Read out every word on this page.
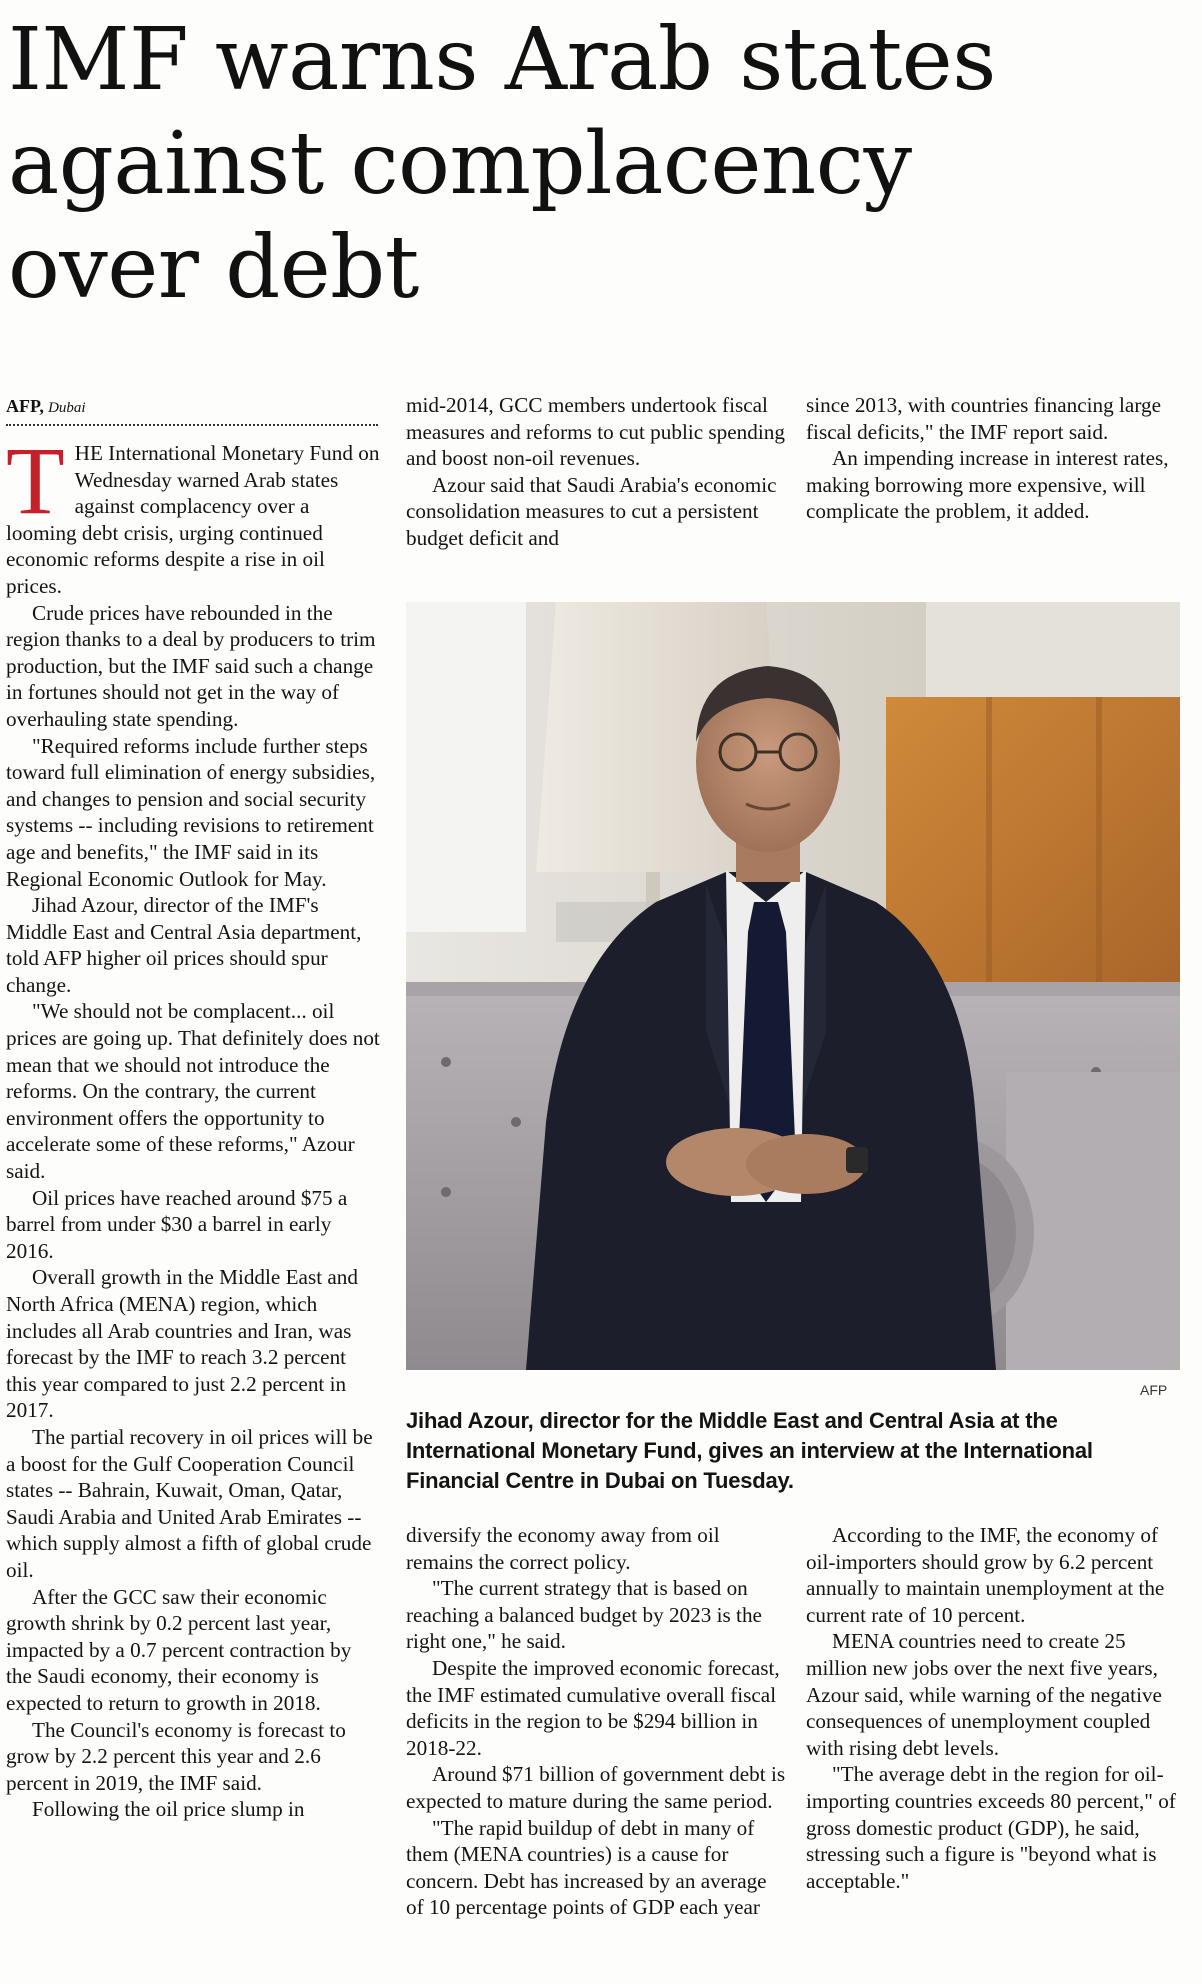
IMF warns Arab states
against complacency
over debt
AFP, Dubai

THE International Monetary Fund on Wednesday warned Arab states against complacency over a looming debt crisis, urging continued economic reforms despite a rise in oil prices.

Crude prices have rebounded in the region thanks to a deal by producers to trim production, but the IMF said such a change in fortunes should not get in the way of overhauling state spending.

"Required reforms include further steps toward full elimination of energy subsidies, and changes to pension and social security systems -- including revisions to retirement age and benefits," the IMF said in its Regional Economic Outlook for May.

Jihad Azour, director of the IMF's Middle East and Central Asia department, told AFP higher oil prices should spur change.

"We should not be complacent... oil prices are going up. That definitely does not mean that we should not introduce the reforms. On the contrary, the current environment offers the opportunity to accelerate some of these reforms," Azour said.

Oil prices have reached around $75 a barrel from under $30 a barrel in early 2016.

Overall growth in the Middle East and North Africa (MENA) region, which includes all Arab countries and Iran, was forecast by the IMF to reach 3.2 percent this year compared to just 2.2 percent in 2017.

The partial recovery in oil prices will be a boost for the Gulf Cooperation Council states -- Bahrain, Kuwait, Oman, Qatar, Saudi Arabia and United Arab Emirates -- which supply almost a fifth of global crude oil.

After the GCC saw their economic growth shrink by 0.2 percent last year, impacted by a 0.7 percent contraction by the Saudi economy, their economy is expected to return to growth in 2018.

The Council's economy is forecast to grow by 2.2 percent this year and 2.6 percent in 2019, the IMF said.

Following the oil price slump in

mid-2014, GCC members undertook fiscal measures and reforms to cut public spending and boost non-oil revenues.

Azour said that Saudi Arabia's economic consolidation measures to cut a persistent budget deficit and

since 2013, with countries financing large fiscal deficits," the IMF report said.

An impending increase in interest rates, making borrowing more expensive, will complicate the problem, it added.

AFP
Jihad Azour, director for the Middle East and Central Asia at the International Monetary Fund, gives an interview at the International Financial Centre in Dubai on Tuesday.

diversify the economy away from oil remains the correct policy.

"The current strategy that is based on reaching a balanced budget by 2023 is the right one," he said.

Despite the improved economic forecast, the IMF estimated cumulative overall fiscal deficits in the region to be $294 billion in 2018-22.

Around $71 billion of government debt is expected to mature during the same period.

"The rapid buildup of debt in many of them (MENA countries) is a cause for concern. Debt has increased by an average of 10 percentage points of GDP each year

According to the IMF, the economy of oil-importers should grow by 6.2 percent annually to maintain unemployment at the current rate of 10 percent.

MENA countries need to create 25 million new jobs over the next five years, Azour said, while warning of the negative consequences of unemployment coupled with rising debt levels.

"The average debt in the region for oil-importing countries exceeds 80 percent," of gross domestic product (GDP), he said, stressing such a figure is "beyond what is acceptable."
